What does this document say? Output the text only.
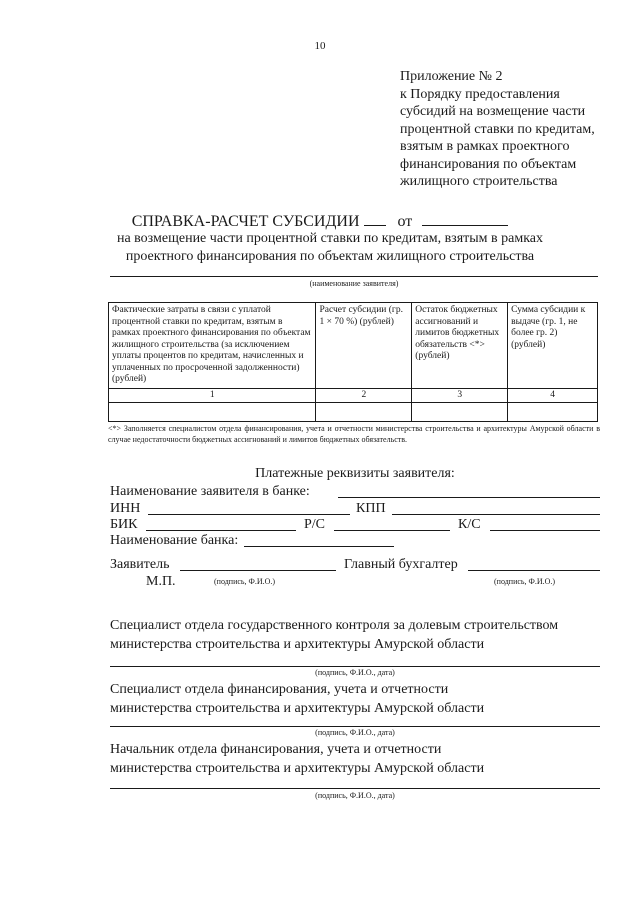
10
Приложение № 2
к Порядку предоставления
субсидий на возмещение части
процентной ставки по кредитам,
взятым в рамках проектного
финансирования по объектам
жилищного строительства
СПРАВКА-РАСЧЕТ СУБСИДИИ от
на возмещение части процентной ставки по кредитам, взятым в рамках
проектного финансирования по объектам жилищного строительства
(наименование заявителя)
Фактические затраты в связи с уплатой процентной ставки по кредитам, взятым в рамках проектного финансирования по объектам жилищного строительства (за исключением уплаты процентов по кредитам, начисленных и уплаченных по просроченной задолженности) (рублей)	Расчет субсидии (гр. 1 × 70 %) (рублей)	Остаток бюджетных ассигнований и лимитов бюджетных обязательств <*> (рублей)	Сумма субсидии к выдаче (гр. 1, не более гр. 2) (рублей)
1	2	3	4

<*> Заполняется специалистом отдела финансирования, учета и отчетности министерства строительства и архитектуры Амурской области в случае недостаточности бюджетных ассигнований и лимитов бюджетных обязательств.
Платежные реквизиты заявителя:
Наименование заявителя в банке:
ИНН	КПП
БИК	Р/С	К/С
Наименование банка:
Заявитель	Главный бухгалтер
М.П.	(подпись, Ф.И.О.)	(подпись, Ф.И.О.)
Специалист отдела государственного контроля за долевым строительством
министерства строительства и архитектуры Амурской области
(подпись, Ф.И.О., дата)
Специалист отдела финансирования, учета и отчетности
министерства строительства и архитектуры Амурской области
(подпись, Ф.И.О., дата)
Начальник отдела финансирования, учета и отчетности
министерства строительства и архитектуры Амурской области
(подпись, Ф.И.О., дата)
